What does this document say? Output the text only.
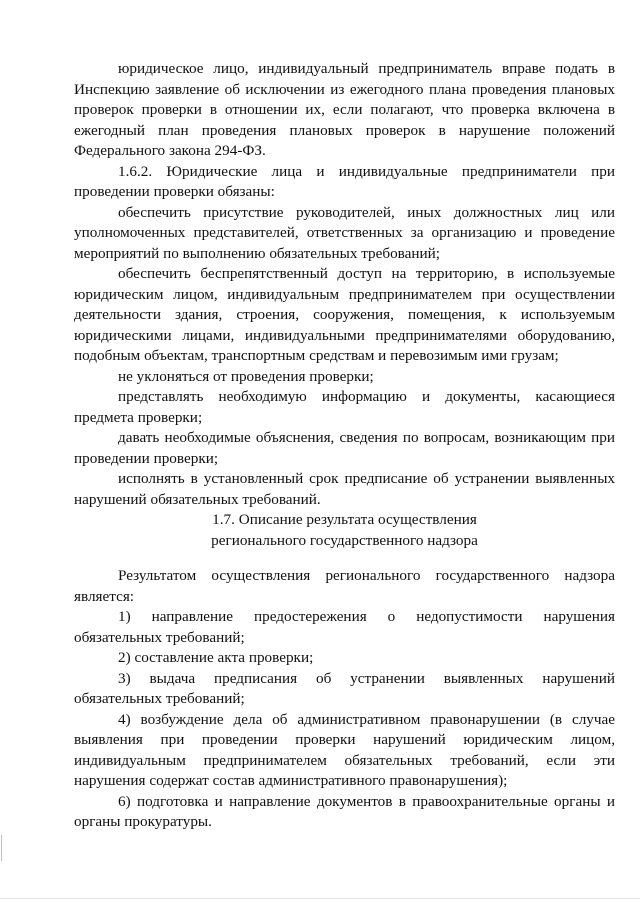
юридическое лицо, индивидуальный предприниматель вправе подать в Инспекцию заявление об исключении из ежегодного плана проведения плановых проверок проверки в отношении их, если полагают, что проверка включена в ежегодный план проведения плановых проверок в нарушение положений Федерального закона 294-ФЗ.

1.6.2. Юридические лица и индивидуальные предприниматели при проведении проверки обязаны:

обеспечить присутствие руководителей, иных должностных лиц или уполномоченных представителей, ответственных за организацию и проведение мероприятий по выполнению обязательных требований;

обеспечить беспрепятственный доступ на территорию, в используемые юридическим лицом, индивидуальным предпринимателем при осуществлении деятельности здания, строения, сооружения, помещения, к используемым юридическими лицами, индивидуальными предпринимателями оборудованию, подобным объектам, транспортным средствам и перевозимым ими грузам;

не уклоняться от проведения проверки;

представлять необходимую информацию и документы, касающиеся предмета проверки;

давать необходимые объяснения, сведения по вопросам, возникающим при проведении проверки;

исполнять в установленный срок предписание об устранении выявленных нарушений обязательных требований.

1.7. Описание результата осуществления
регионального государственного надзора

Результатом осуществления регионального государственного надзора является:

1) направление предостережения о недопустимости нарушения обязательных требований;

2) составление акта проверки;

3) выдача предписания об устранении выявленных нарушений обязательных требований;

4) возбуждение дела об административном правонарушении (в случае выявления при проведении проверки нарушений юридическим лицом, индивидуальным предпринимателем обязательных требований, если эти нарушения содержат состав административного правонарушения);

6) подготовка и направление документов в правоохранительные органы и органы прокуратуры.
